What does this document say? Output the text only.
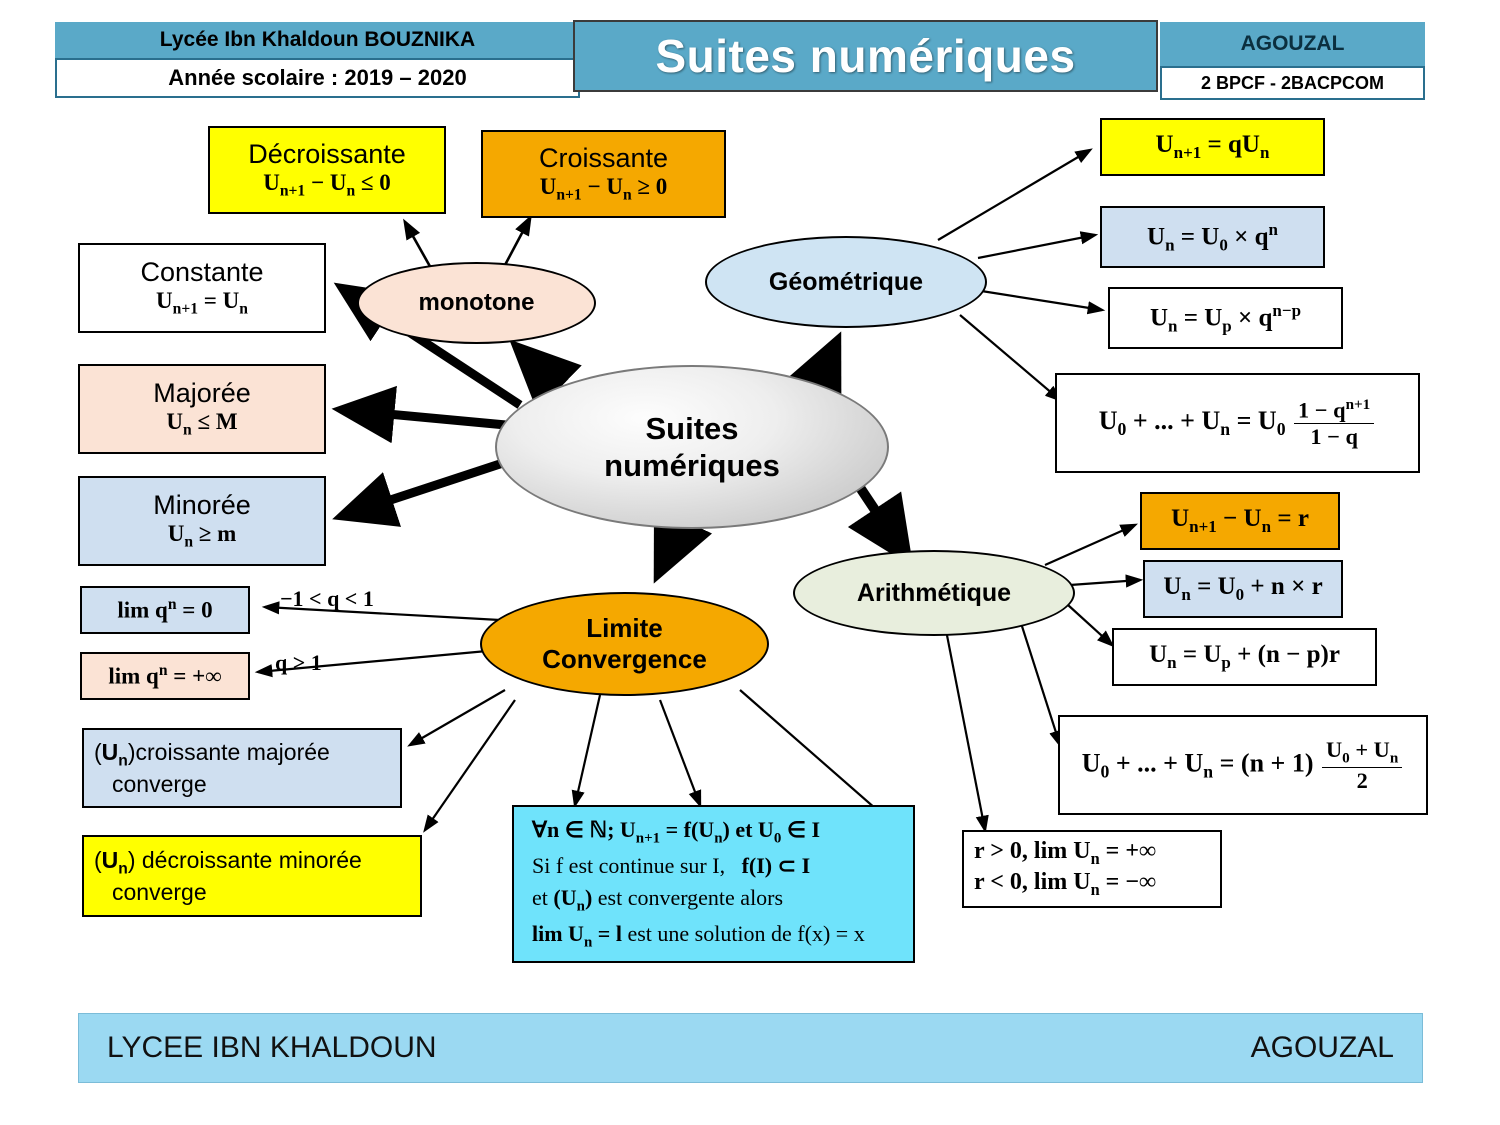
Lycée Ibn Khaldoun BOUZNIKA
Année scolaire : 2019 – 2020	Suites numériques	AGOUZAL
2 BPCF - 2BACPCOM
Décroissante
$U_{n+1} - U_n \le 0$
Croissante
$U_{n+1} - U_n \ge 0$
monotone
Constante
$U_{n+1} = U_n$
Majorée
$U_n \le M$
Minorée
$U_n \ge m$
Suites
numériques
Géométrique
$U_{n+1} = qU_n$
$U_n = U_0 \times q^n$
$U_n = U_p \times q^{n-p}$
$U_0$ + ... + $U_n = U_0 \frac{1 - q^{n+1}}{1 - q}$
Arithmétique
$U_{n+1} - U_n = r$
$U_n = U_0 + n \times r$
$U_n = U_p + (n - p)r$
$U_0$ + ... + $U_n = (n + 1) \frac{U_0 + U_n}{2}$
r > 0, $\lim U_n$ = +∞
r < 0, $\lim U_n$ = −∞
Limite
Convergence
$\lim q^n = 0$	−1 < q < 1
$\lim q^n$ = +∞
q > 1
$(U_n)croissante$ majorée
converge
$(U_n)$ décroissante minorée
converge
∀n ∈ ℕ; $U_{n+1} = f(U_n)$ et $U_0$ ∈ I
Si f est continue sur I,   f(I) ⊂ I
et $(U_n)$ est convergente alors
$\lim U_n = l$ est une solution de f(x) = x
LYCEE IBN KHALDOUN	AGOUZAL
